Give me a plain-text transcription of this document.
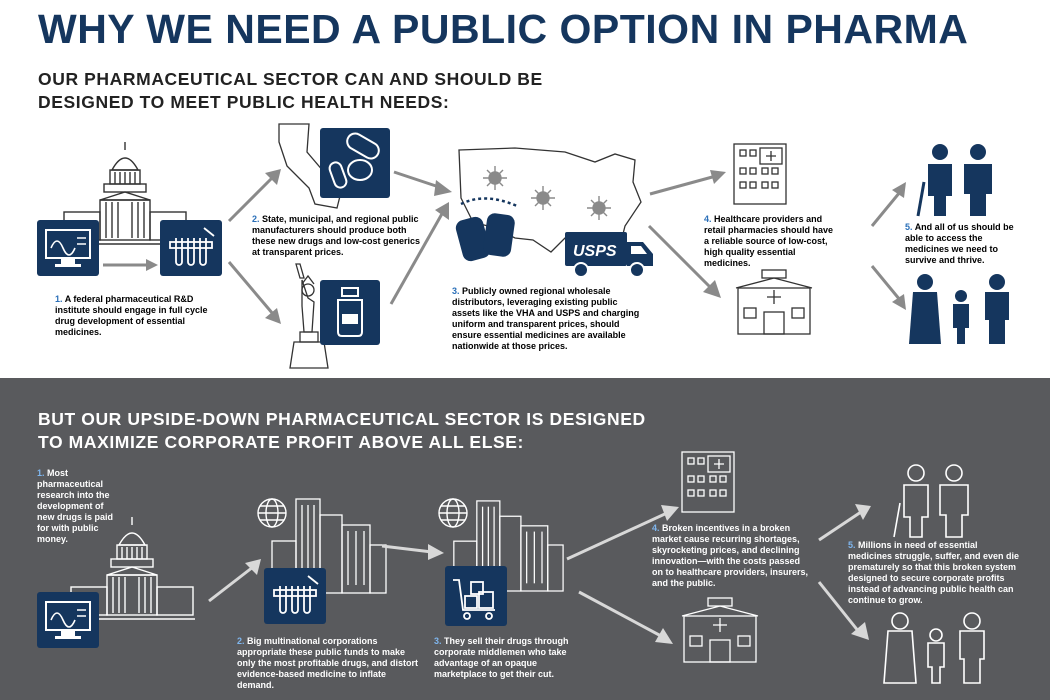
WHY WE NEED A PUBLIC OPTION IN PHARMA
OUR PHARMACEUTICAL SECTOR CAN AND SHOULD BE
DESIGNED TO MEET PUBLIC HEALTH NEEDS:
1. A federal pharmaceutical R&D institute should engage in full cycle drug development of essential medicines.
2. State, municipal, and regional public manufacturers should produce both these new drugs and low-cost generics at transparent prices.	USPS
3. Publicly owned regional wholesale distributors, leveraging existing public assets like the VHA and USPS and charging uniform and transparent prices, should ensure essential medicines are available nationwide at those prices.
4. Healthcare providers and retail pharmacies should have a reliable source of low-cost, high quality essential medicines.
5. And all of us should be able to access the medicines we need to survive and thrive.
BUT OUR UPSIDE-DOWN PHARMACEUTICAL SECTOR IS DESIGNED
TO MAXIMIZE CORPORATE PROFIT ABOVE ALL ELSE:
1. Most pharmaceutical research into the development of new drugs is paid for with public money.
2. Big multinational corporations appropriate these public funds to make only the most profitable drugs, and distort evidence-based medicine to inflate demand.
3. They sell their drugs through corporate middlemen who take advantage of an opaque marketplace to get their cut.
4. Broken incentives in a broken market cause recurring shortages, skyrocketing prices, and declining innovation—with the costs passed on to healthcare providers, insurers, and the public.
5. Millions in need of essential medicines struggle, suffer, and even die prematurely so that this broken system designed to secure corporate profits instead of advancing public health can continue to grow.
